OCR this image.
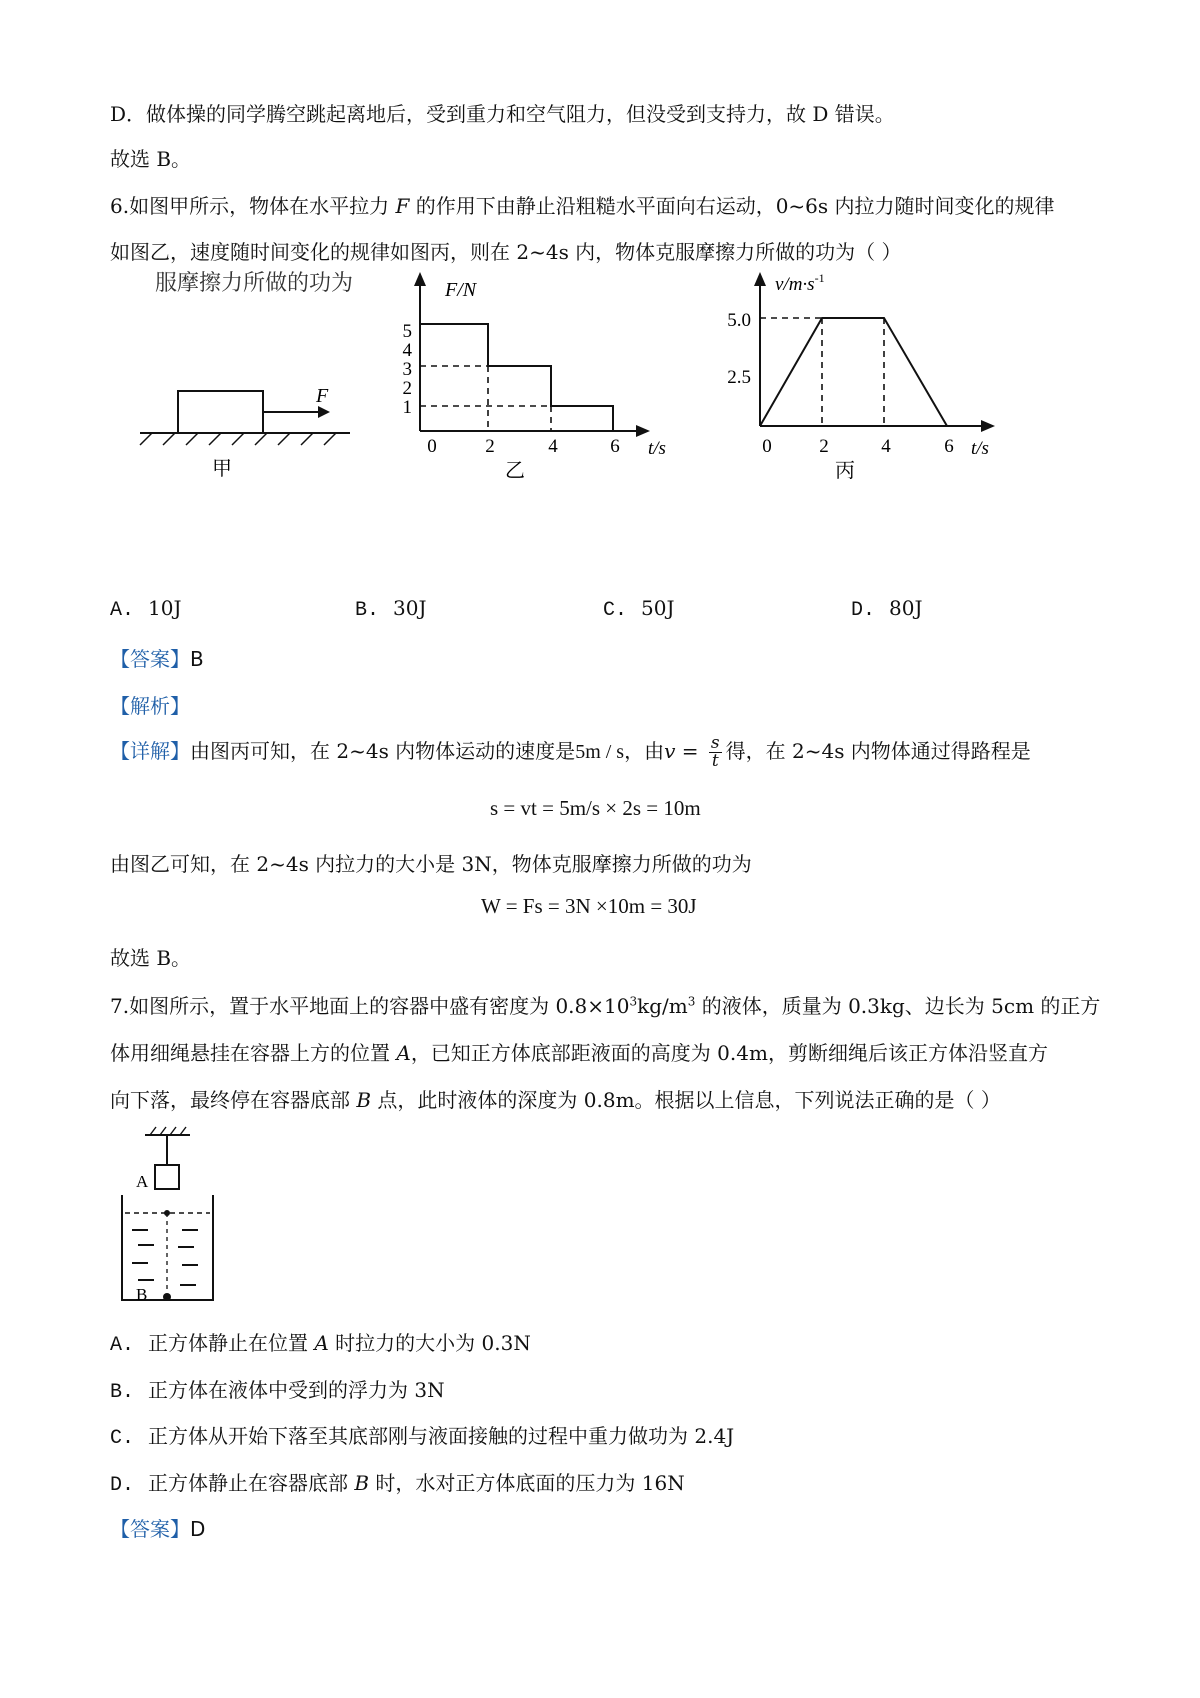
D．做体操的同学腾空跳起离地后，受到重力和空气阻力，但没受到支持力，故 D 错误。
故选 B。
6.如图甲所示，物体在水平拉力 F 的作用下由静止沿粗糙水平面向右运动，0~6s 内拉力随时间变化的规律
如图乙，速度随时间变化的规律如图丙，则在 2~4s 内，物体克服摩擦力所做的功为（ ）
服摩擦力所做的功为
F
甲
F/N
5
4
3
2
1
0	2	4	6 t/s
乙
$v/m\cdot s^{-1}$
5.0
2.5
0	2	4	6 t/s
丙
A. 10J	B. 30J	C. 50J	D. 80J
【答案】B
【解析】
【详解】由图丙可知，在 2~4s 内物体运动的速度是5m / s，由$v = \frac{s}{t}$ 得，在 2~4s 内物体通过得路程是
s = vt = 5m/s × 2s = 10m
由图乙可知，在 2~4s 内拉力的大小是 3N，物体克服摩擦力所做的功为
W = Fs = 3N ×10m = 30J
故选 B。
7.如图所示，置于水平地面上的容器中盛有密度为 $0.8\times 10^3kg/m^3$ 的液体，质量为 0.3kg、边长为 5cm 的正方
体用细绳悬挂在容器上方的位置 A，已知正方体底部距液面的高度为 0.4m，剪断细绳后该正方体沿竖直方
向下落，最终停在容器底部 B 点，此时液体的深度为 0.8m。根据以上信息，下列说法正确的是（ ）
A
B
A. 正方体静止在位置 A 时拉力的大小为 0.3N
B. 正方体在液体中受到的浮力为 3N
C. 正方体从开始下落至其底部刚与液面接触的过程中重力做功为 2.4J
D. 正方体静止在容器底部 B 时，水对正方体底面的压力为 16N
【答案】D
